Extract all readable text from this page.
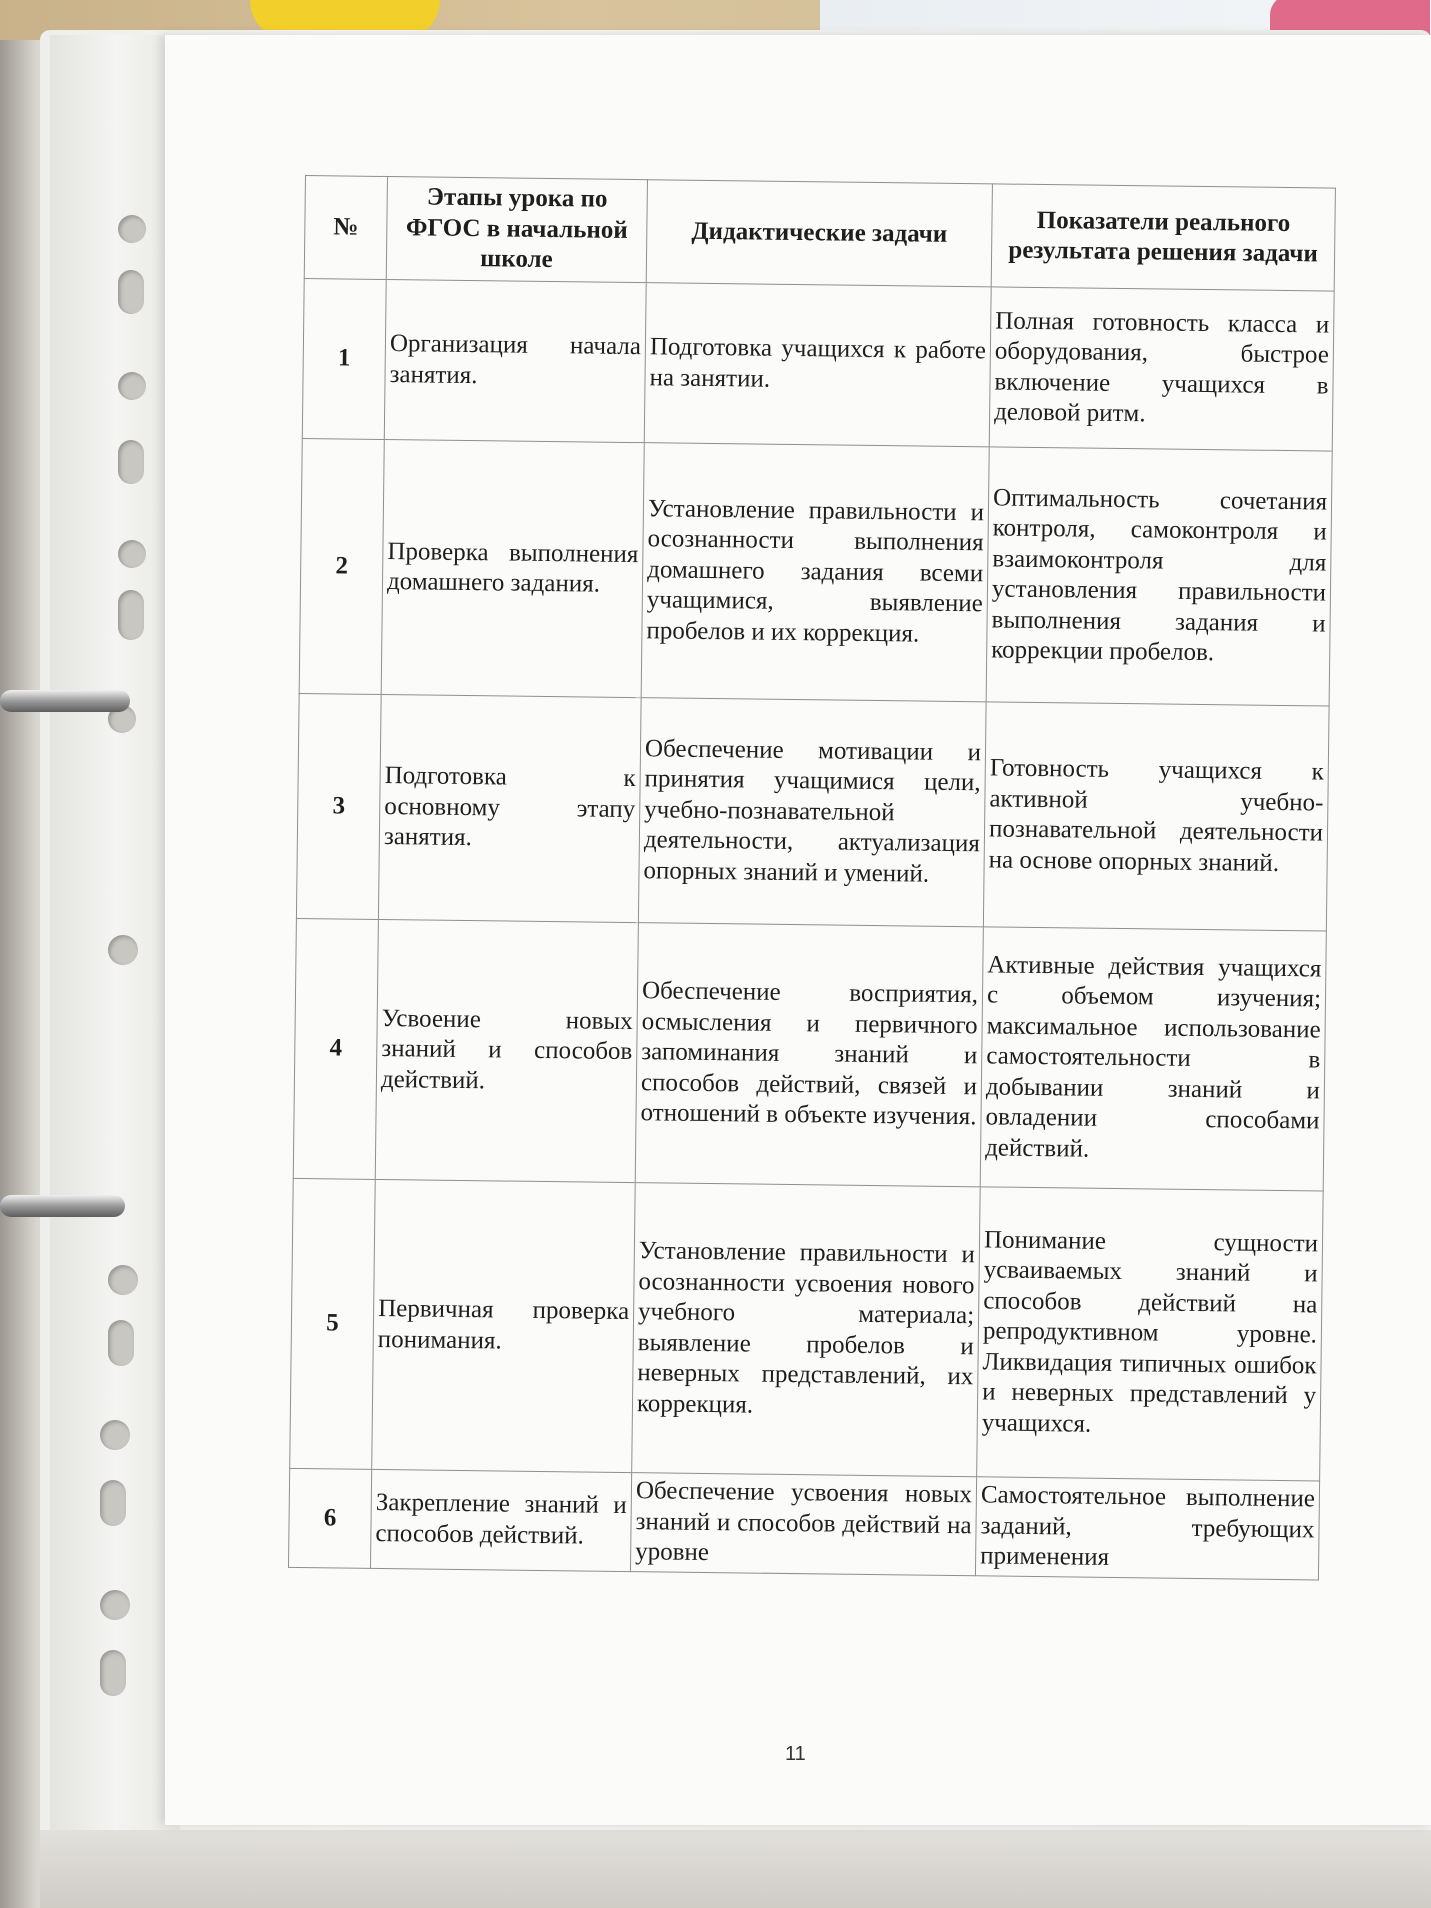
№	Этапы урока по ФГОС в начальной школе	Дидактические задачи	Показатели реального результата решения задачи
1	Организация начала занятия.	Подготовка учащихся к работе на занятии.	Полная готовность класса и оборудования, быстрое включение учащихся в деловой ритм.
2	Проверка выполнения домашнего задания.	Установление правильности и осознанности выполнения домашнего задания всеми учащимися, выявление пробелов и их коррекция.	Оптимальность сочетания контроля, самоконтроля и взаимоконтроля для установления правильности выполнения задания и коррекции пробелов.
3	Подготовка к основному этапу занятия.	Обеспечение мотивации и принятия учащимися цели, учебно-познавательной деятельности, актуализация опорных знаний и умений.	Готовность учащихся к активной учебно-познавательной деятельности на основе опорных знаний.
4	Усвоение новых знаний и способов действий.	Обеспечение восприятия, осмысления и первичного запоминания знаний и способов действий, связей и отношений в объекте изучения.	Активные действия учащихся с объемом изучения; максимальное использование самостоятельности в добывании знаний и овладении способами действий.
5	Первичная проверка понимания.	Установление правильности и осознанности усвоения нового учебного материала; выявление пробелов и неверных представлений, их коррекция.	Понимание сущности усваиваемых знаний и способов действий на репродуктивном уровне. Ликвидация типичных ошибок и неверных представлений у учащихся.
6	Закрепление знаний и способов действий.	Обеспечение усвоения новых знаний и способов действий на уровне	Самостоятельное выполнение заданий, требующих применения
11
